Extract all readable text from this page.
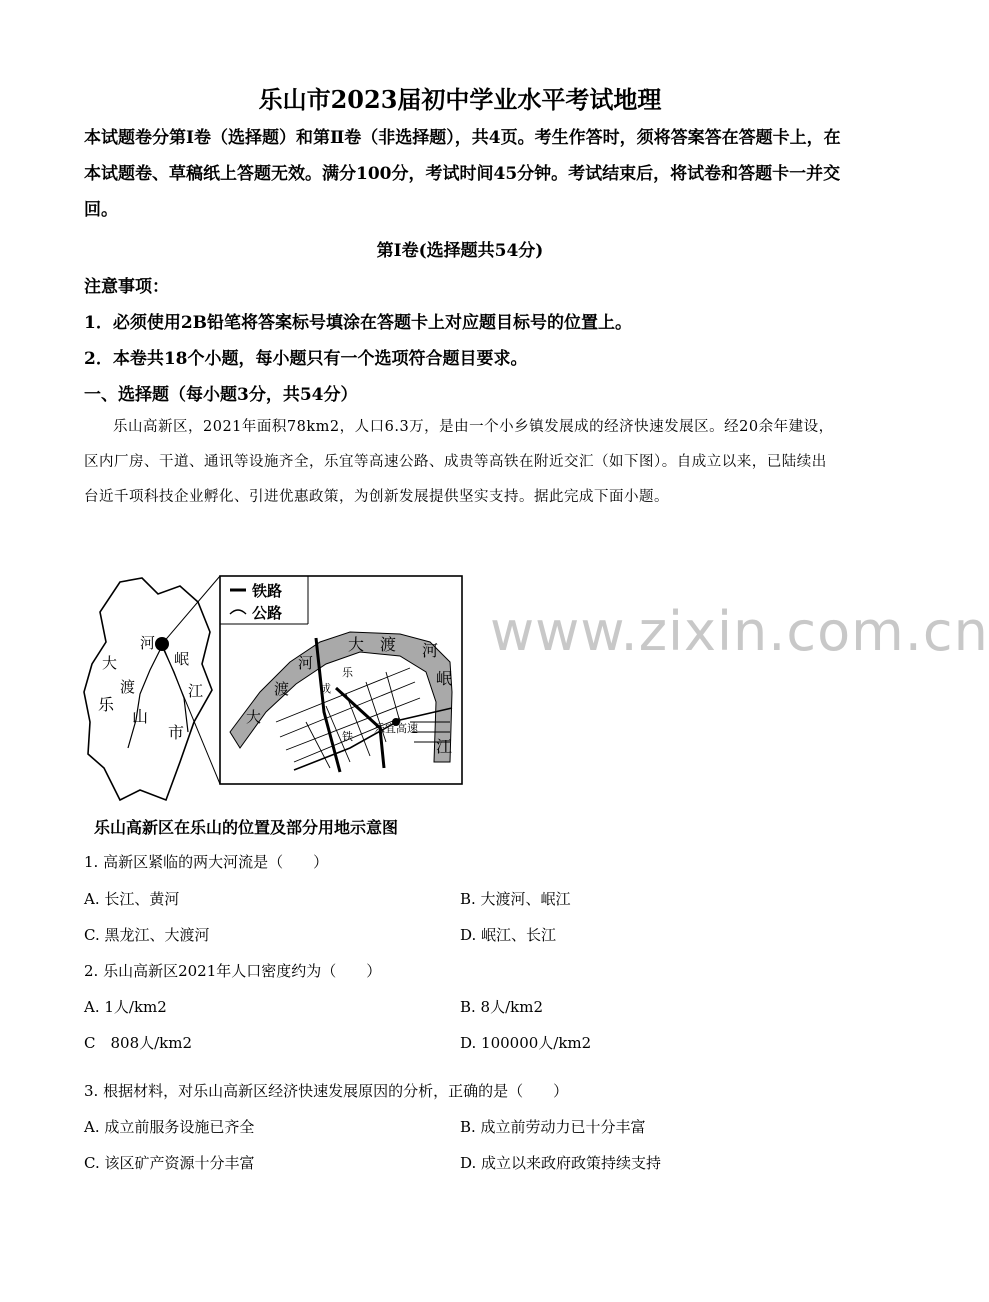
乐山市2023届初中学业水平考试地理
本试题卷分第Ⅰ卷（选择题）和第Ⅱ卷（非选择题），共4页。考生作答时，须将答案答在答题卡上，在本试题卷、草稿纸上答题无效。满分100分，考试时间45分钟。考试结束后，将试卷和答题卡一并交回。
第Ⅰ卷(选择题共54分)
注意事项：
1．必须使用2B铅笔将答案标号填涂在答题卡上对应题目标号的位置上。
2．本卷共18个小题，每小题只有一个选项符合题目要求。
一、选择题（每小题3分，共54分）
乐山高新区，2021年面积78km2，人口6.3万，是由一个小乡镇发展成的经济快速发展区。经20余年建设，区内厂房、干道、通讯等设施齐全，乐宜等高速公路、成贵等高铁在附近交汇（如下图）。自成立以来，已陆续出台近千项科技企业孵化、引进优惠政策，为创新发展提供坚实支持。据此完成下面小题。
河
大
渡
岷
江
乐
山
市
铁路
公路
大 渡 河
岷
江
河
渡
大
乐宜高速
成
乐
铁
www.zixin.com.cn
乐山高新区在乐山的位置及部分用地示意图
1. 高新区紧临的两大河流是（　　）
A. 长江、黄河	B. 大渡河、岷江
C. 黑龙江、大渡河	D. 岷江、长江
2. 乐山高新区2021年人口密度约为（　　）
A. 1人/km2	B. 8人/km2
C　808人/km2	D. 100000人/km2
3. 根据材料，对乐山高新区经济快速发展原因的分析，正确的是（　　）
A. 成立前服务设施已齐全	B. 成立前劳动力已十分丰富
C. 该区矿产资源十分丰富	D. 成立以来政府政策持续支持
